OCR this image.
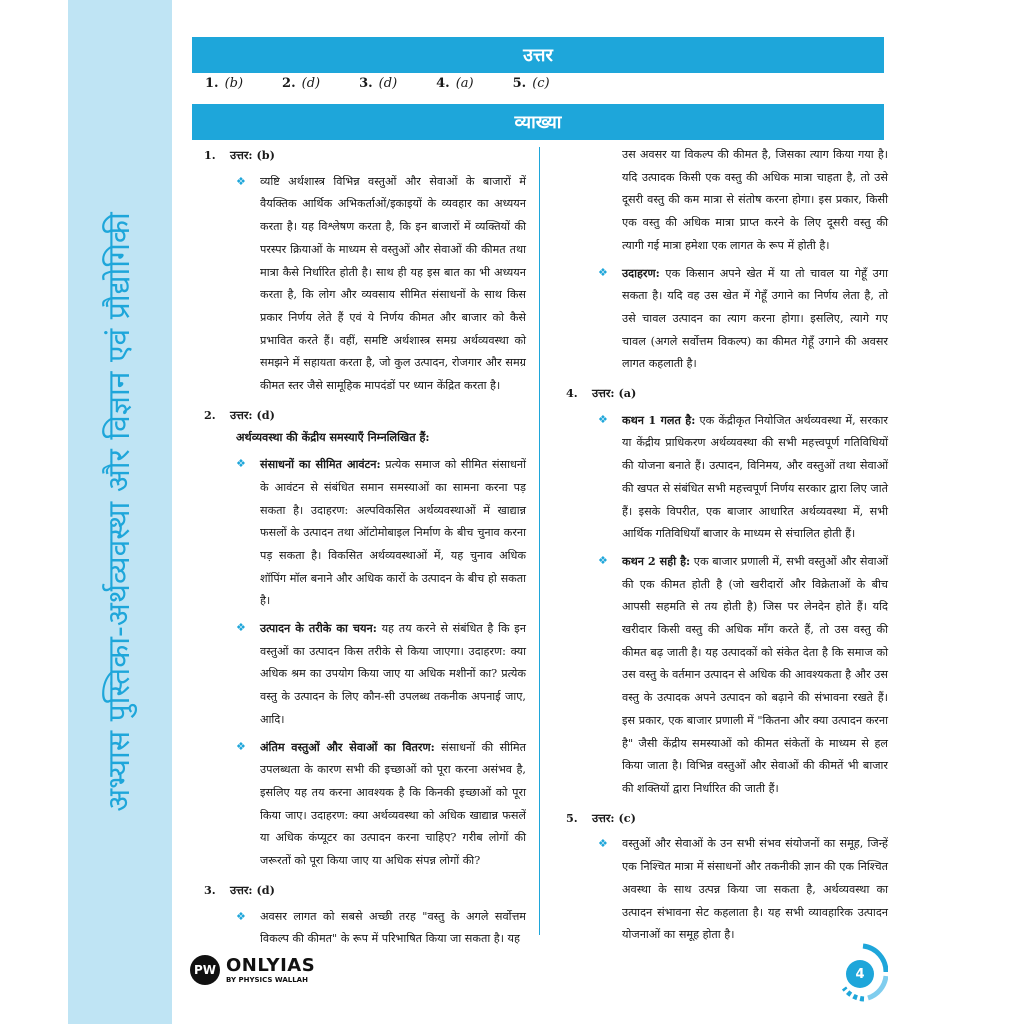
अभ्यास पुस्तिका-अर्थव्यवस्था और विज्ञान एवं प्रौद्योगिकी
उत्तर
1. (b)	2. (d)	3. (d)	4. (a)	5. (c)
व्याख्या

1. उत्तर: (b)

❖ व्यष्टि अर्थशास्त्र विभिन्न वस्तुओं और सेवाओं के बाजारों में वैयक्तिक आर्थिक अभिकर्ताओं/इकाइयों के व्यवहार का अध्ययन करता है। यह विश्लेषण करता है, कि इन बाजारों में व्यक्तियों की परस्पर क्रियाओं के माध्यम से वस्तुओं और सेवाओं की कीमत तथा मात्रा कैसे निर्धारित होती है। साथ ही यह इस बात का भी अध्ययन करता है, कि लोग और व्यवसाय सीमित संसाधनों के साथ किस प्रकार निर्णय लेते हैं एवं ये निर्णय कीमत और बाजार को कैसे प्रभावित करते हैं। वहीं, समष्टि अर्थशास्त्र समग्र अर्थव्यवस्था को समझने में सहायता करता है, जो कुल उत्पादन, रोजगार और समग्र कीमत स्तर जैसे सामूहिक मापदंडों पर ध्यान केंद्रित करता है।

2. उत्तर: (d)

अर्थव्यवस्था की केंद्रीय समस्याएँ निम्नलिखित हैं:

❖ संसाधनों का सीमित आवंटन: प्रत्येक समाज को सीमित संसाधनों के आवंटन से संबंधित समान समस्याओं का सामना करना पड़ सकता है। उदाहरण: अल्पविकसित अर्थव्यवस्थाओं में खाद्यान्न फसलों के उत्पादन तथा ऑटोमोबाइल निर्माण के बीच चुनाव करना पड़ सकता है। विकसित अर्थव्यवस्थाओं में, यह चुनाव अधिक शॉपिंग मॉल बनाने और अधिक कारों के उत्पादन के बीच हो सकता है।

❖ उत्पादन के तरीके का चयन: यह तय करने से संबंधित है कि इन वस्तुओं का उत्पादन किस तरीके से किया जाएगा। उदाहरण: क्या अधिक श्रम का उपयोग किया जाए या अधिक मशीनों का? प्रत्येक वस्तु के उत्पादन के लिए कौन-सी उपलब्ध तकनीक अपनाई जाए, आदि।

❖ अंतिम वस्तुओं और सेवाओं का वितरण: संसाधनों की सीमित उपलब्धता के कारण सभी की इच्छाओं को पूरा करना असंभव है, इसलिए यह तय करना आवश्यक है कि किनकी इच्छाओं को पूरा किया जाए। उदाहरण: क्या अर्थव्यवस्था को अधिक खाद्यान्न फसलें या अधिक कंप्यूटर का उत्पादन करना चाहिए? गरीब लोगों की जरूरतों को पूरा किया जाए या अधिक संपन्न लोगों की?

3. उत्तर: (d)

❖ अवसर लागत को सबसे अच्छी तरह "वस्तु के अगले सर्वोत्तम विकल्प की कीमत" के रूप में परिभाषित किया जा सकता है। यह

उस अवसर या विकल्प की कीमत है, जिसका त्याग किया गया है। यदि उत्पादक किसी एक वस्तु की अधिक मात्रा चाहता है, तो उसे दूसरी वस्तु की कम मात्रा से संतोष करना होगा। इस प्रकार, किसी एक वस्तु की अधिक मात्रा प्राप्त करने के लिए दूसरी वस्तु की त्यागी गई मात्रा हमेशा एक लागत के रूप में होती है।

❖ उदाहरण: एक किसान अपने खेत में या तो चावल या गेहूँ उगा सकता है। यदि वह उस खेत में गेहूँ उगाने का निर्णय लेता है, तो उसे चावल उत्पादन का त्याग करना होगा। इसलिए, त्यागे गए चावल (अगले सर्वोत्तम विकल्प) का कीमत गेहूँ उगाने की अवसर लागत कहलाती है।

4. उत्तर: (a)

❖ कथन 1 गलत है: एक केंद्रीकृत नियोजित अर्थव्यवस्था में, सरकार या केंद्रीय प्राधिकरण अर्थव्यवस्था की सभी महत्त्वपूर्ण गतिविधियों की योजना बनाते हैं। उत्पादन, विनिमय, और वस्तुओं तथा सेवाओं की खपत से संबंधित सभी महत्त्वपूर्ण निर्णय सरकार द्वारा लिए जाते हैं। इसके विपरीत, एक बाजार आधारित अर्थव्यवस्था में, सभी आर्थिक गतिविधियाँ बाजार के माध्यम से संचालित होती हैं।

❖ कथन 2 सही है: एक बाजार प्रणाली में, सभी वस्तुओं और सेवाओं की एक कीमत होती है (जो खरीदारों और विक्रेताओं के बीच आपसी सहमति से तय होती है) जिस पर लेनदेन होते हैं। यदि खरीदार किसी वस्तु की अधिक माँग करते हैं, तो उस वस्तु की कीमत बढ़ जाती है। यह उत्पादकों को संकेत देता है कि समाज को उस वस्तु के वर्तमान उत्पादन से अधिक की आवश्यकता है और उस वस्तु के उत्पादक अपने उत्पादन को बढ़ाने की संभावना रखते हैं। इस प्रकार, एक बाजार प्रणाली में "कितना और क्या उत्पादन करना है" जैसी केंद्रीय समस्याओं को कीमत संकेतों के माध्यम से हल किया जाता है। विभिन्न वस्तुओं और सेवाओं की कीमतें भी बाजार की शक्तियों द्वारा निर्धारित की जाती हैं।

5. उत्तर: (c)

❖ वस्तुओं और सेवाओं के उन सभी संभव संयोजनों का समूह, जिन्हें एक निश्चित मात्रा में संसाधनों और तकनीकी ज्ञान की एक निश्चित अवस्था के साथ उत्पन्न किया जा सकता है, अर्थव्यवस्था का उत्पादन संभावना सेट कहलाता है। यह सभी व्यावहारिक उत्पादन योजनाओं का समूह होता है।

PW ONLYIAS
BY PHYSICS WALLAH	4
